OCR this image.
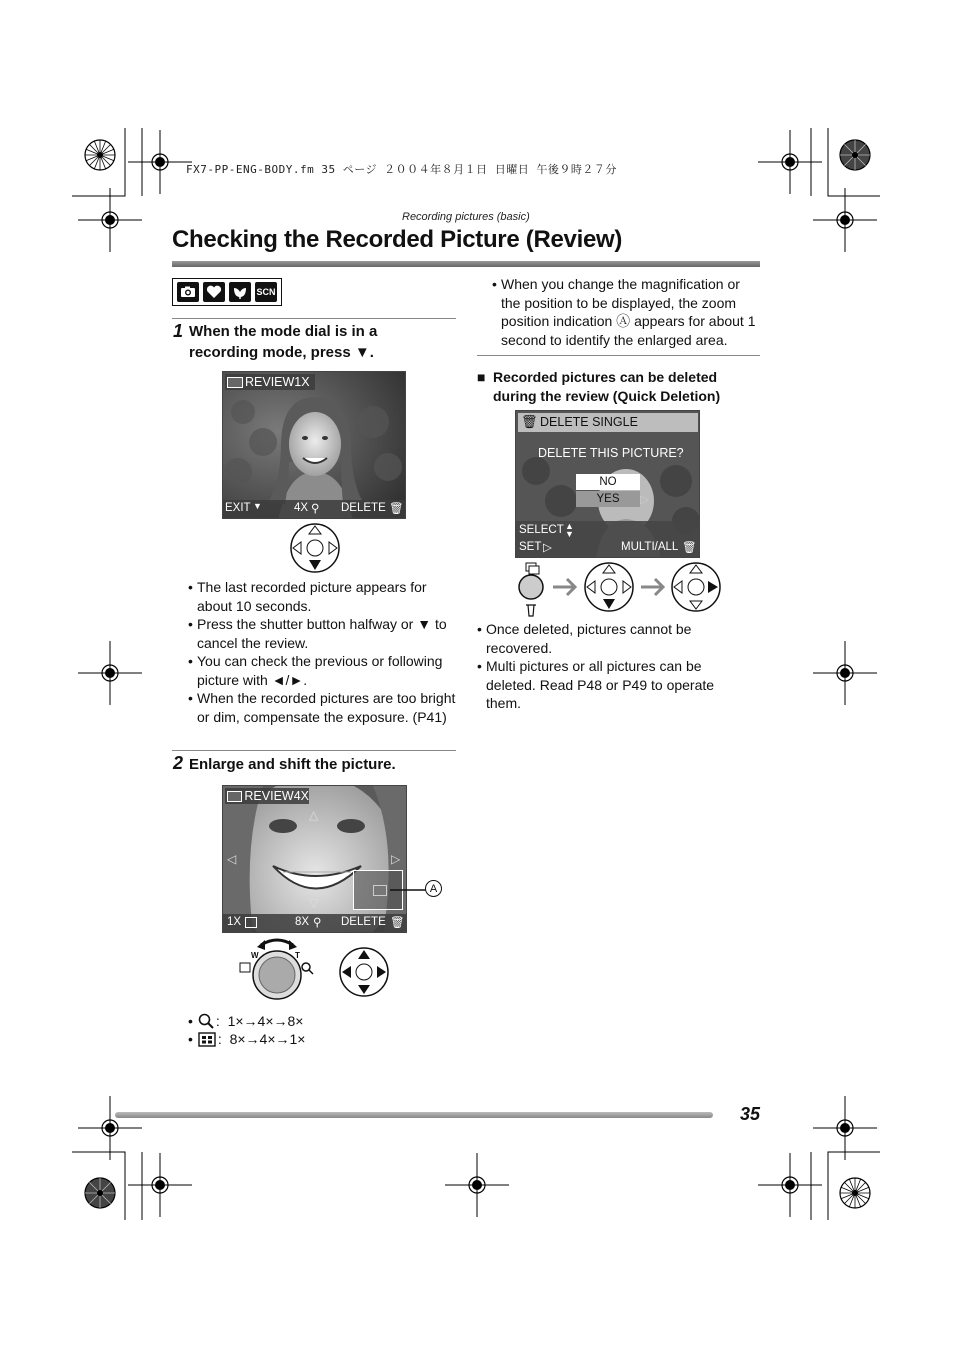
FX7-PP-ENG-BODY.fm 35 ページ ２００４年８月１日 日曜日 午後９時２７分
Recording pictures (basic)
Checking the Recorded Picture (Review)
SCN
1 When the mode dial is in a recording mode, press ▼.
REVIEW1X
EXIT ▼	4X ⚲ DELETE 🗑
• The last recorded picture appears for about 10 seconds.
• Press the shutter button halfway or ▼ to cancel the review.
• You can check the previous or following picture with ◄/►.
• When the recorded pictures are too bright or dim, compensate the exposure. (P41)
2 Enlarge and shift the picture.
REVIEW4X
△
◁	▷
▽
1X	8X ⚲ DELETE 🗑
A
W	T
• :  1×→4×→8×
• :  8×→4×→1×
• When you change the magnification or the position to be displayed, the zoom position indication Ⓐ appears for about 1 second to identify the enlarged area.
■ Recorded pictures can be deleted during the review (Quick Deletion)
🗑 DELETE SINGLE
DELETE THIS PICTURE?
NO
YES	▷
SELECT ▲
▼
SET ▷	MULTI/ALL 🗑
• Once deleted, pictures cannot be recovered.
• Multi pictures or all pictures can be deleted. Read P48 or P49 to operate them.
35
